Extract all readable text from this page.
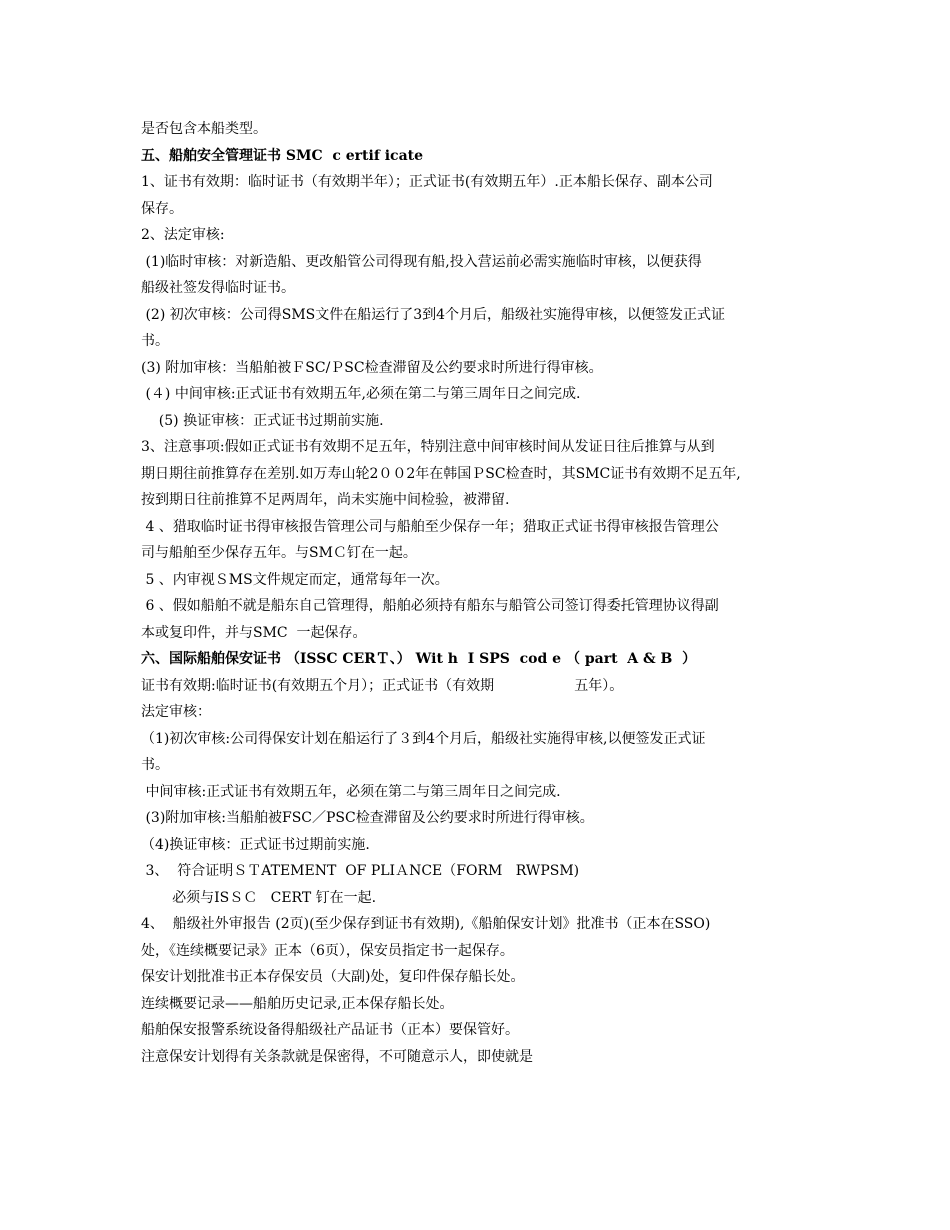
是否包含本船类型。
五、船舶安全管理证书 SMC  c ertif icate
1、证书有效期：临时证书（有效期半年）；正式证书(有效期五年）.正本船长保存、副本公司
保存。
2、法定审核:
(1)临时审核：对新造船、更改船管公司得现有船,投入营运前必需实施临时审核，以便获得
船级社签发得临时证书。
(2) 初次审核：公司得SMS文件在船运行了3到4个月后，船级社实施得审核，以便签发正式证
书。
(3) 附加审核：当船舶被ＦSC/ＰSC检查滞留及公约要求时所进行得审核。
(４) 中间审核:正式证书有效期五年,必须在第二与第三周年日之间完成.
(5) 换证审核：正式证书过期前实施.
3、注意事项:假如正式证书有效期不足五年，特别注意中间审核时间从发证日往后推算与从到
期日期往前推算存在差别.如万寿山轮2００2年在韩国ＰSC检查时，其SMC证书有效期不足五年,
按到期日往前推算不足两周年，尚未实施中间检验，被滞留.
4 、猎取临时证书得审核报告管理公司与船舶至少保存一年；猎取正式证书得审核报告管理公
司与船舶至少保存五年。与SMＣ钉在一起。
5 、内审视ＳMS文件规定而定，通常每年一次。
6 、假如船舶不就是船东自己管理得，船舶必须持有船东与船管公司签订得委托管理协议得副
本或复印件，并与SMC  一起保存。
六、国际船舶保安证书 （ISSC CERＴ、） Wit h  I SPS  cod e （ part  A & B  ）
证书有效期:临时证书(有效期五个月）；正式证书（有效期                  五年）。
法定审核：
（1)初次审核:公司得保安计划在船运行了３到4个月后，船级社实施得审核,以便签发正式证
书。
中间审核:正式证书有效期五年，必须在第二与第三周年日之间完成.
(3)附加审核:当船舶被FSC／PSC检查滞留及公约要求时所进行得审核。
（4)换证审核：正式证书过期前实施.
3、  符合证明ＳＴATEMENT  OF PLIＡNCE（FORM   RWPSM)
必须与ISＳＣ   CERT 钉在一起.
4、  船级社外审报告 (2页)(至少保存到证书有效期),《船舶保安计划》批准书（正本在SSO)
处，《连续概要记录》正本（6页），保安员指定书一起保存。
保安计划批准书正本存保安员（大副)处，复印件保存船长处。
连续概要记录——船舶历史记录,正本保存船长处。
船舶保安报警系统设备得船级社产品证书（正本）要保管好。
注意保安计划得有关条款就是保密得，不可随意示人，即使就是
